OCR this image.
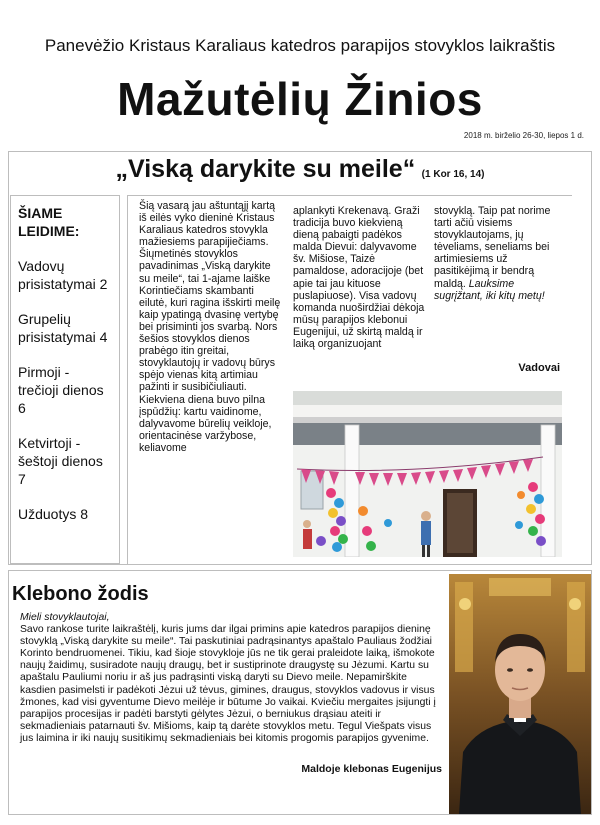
Panevėžio Kristaus Karaliaus katedros parapijos stovyklos laikraštis
Mažutėlių Žinios
2018 m. birželio 26-30, liepos 1 d.
„Viską darykite su meile“ (1 Kor 16, 14)
ŠIAME LEIDIME:
Vadovų prisistatymai 2
Grupelių prisistatymai 4
Pirmoji - trečioji dienos 6
Ketvirtoji - šeštoji dienos 7
Užduotys 8

Šią vasarą jau aštuntąjį kartą iš eilės vyko dieninė Kristaus Karaliaus katedros stovykla mažiesiems parapijiečiams. Šiųmetinės stovyklos pavadinimas „Viską darykite su meile“, tai 1-ajame laiške Korintiečiams skambanti eilutė, kuri ragina išskirti meilę kaip ypatingą dvasinę vertybę bei prisiminti jos svarbą. Nors šešios stovyklos dienos prabėgo itin greitai, stovyklautojų ir vadovų būrys spėjo vienas kitą artimiau pažinti ir susibičiuliauti. Kiekviena diena buvo pilna įspūdžių: kartu vaidinome, dalyvavome būrelių veikloje, orientacinėse varžybose, keliavome

aplankyti Krekenavą. Graži tradicija buvo kiekvieną dieną pabaigti padėkos malda Dievui: dalyvavome šv. Mišiose, Taizė pamaldose, adoracijoje (bet apie tai jau kituose puslapiuose). Visa vadovų komanda nuoširdžiai dėkoja mūsų parapijos klebonui Eugenijui, už skirtą maldą ir laiką organizuojant

stovyklą. Taip pat norime tarti ačiū visiems stovyklautojams, jų tėveliams, seneliams bei artimiesiems už pasitikėjimą ir bendrą maldą. Lauksime sugrįžtant, iki kitų metų!

Vadovai
Klebono žodis

Mieli stovyklautojai,

Savo rankose turite laikraštėlį, kuris jums dar ilgai primins apie katedros parapijos dieninę stovyklą „Viską darykite su meile“. Tai paskutiniai padrąsinantys apaštalo Pauliaus žodžiai Korinto bendruomenei. Tikiu, kad šioje stovykloje jūs ne tik gerai praleidote laiką, išmokote naujų žaidimų, susiradote naujų draugų, bet ir sustiprinote draugystę su Jėzumi. Kartu su apaštalu Pauliumi noriu ir aš jus padrąsinti viską daryti su Dievo meile. Nepamirškite kasdien pasimelsti ir padėkoti Jėzui už tėvus, gimines, draugus, stovyklos vadovus ir visus žmones, kad visi gyventume Dievo meilėje ir būtume Jo vaikai. Kviečiu mergaites įsijungti į parapijos procesijas ir padėti barstyti gėlytes Jėzui, o berniukus drąsiau ateiti ir sekmadieniais patarnauti šv. Mišioms, kaip tą darėte stovyklos metu. Tegul Viešpats visus jus laimina ir iki naujų susitikimų sekmadieniais bei kitomis progomis parapijos gyvenime.

Maldoje klebonas Eugenijus
